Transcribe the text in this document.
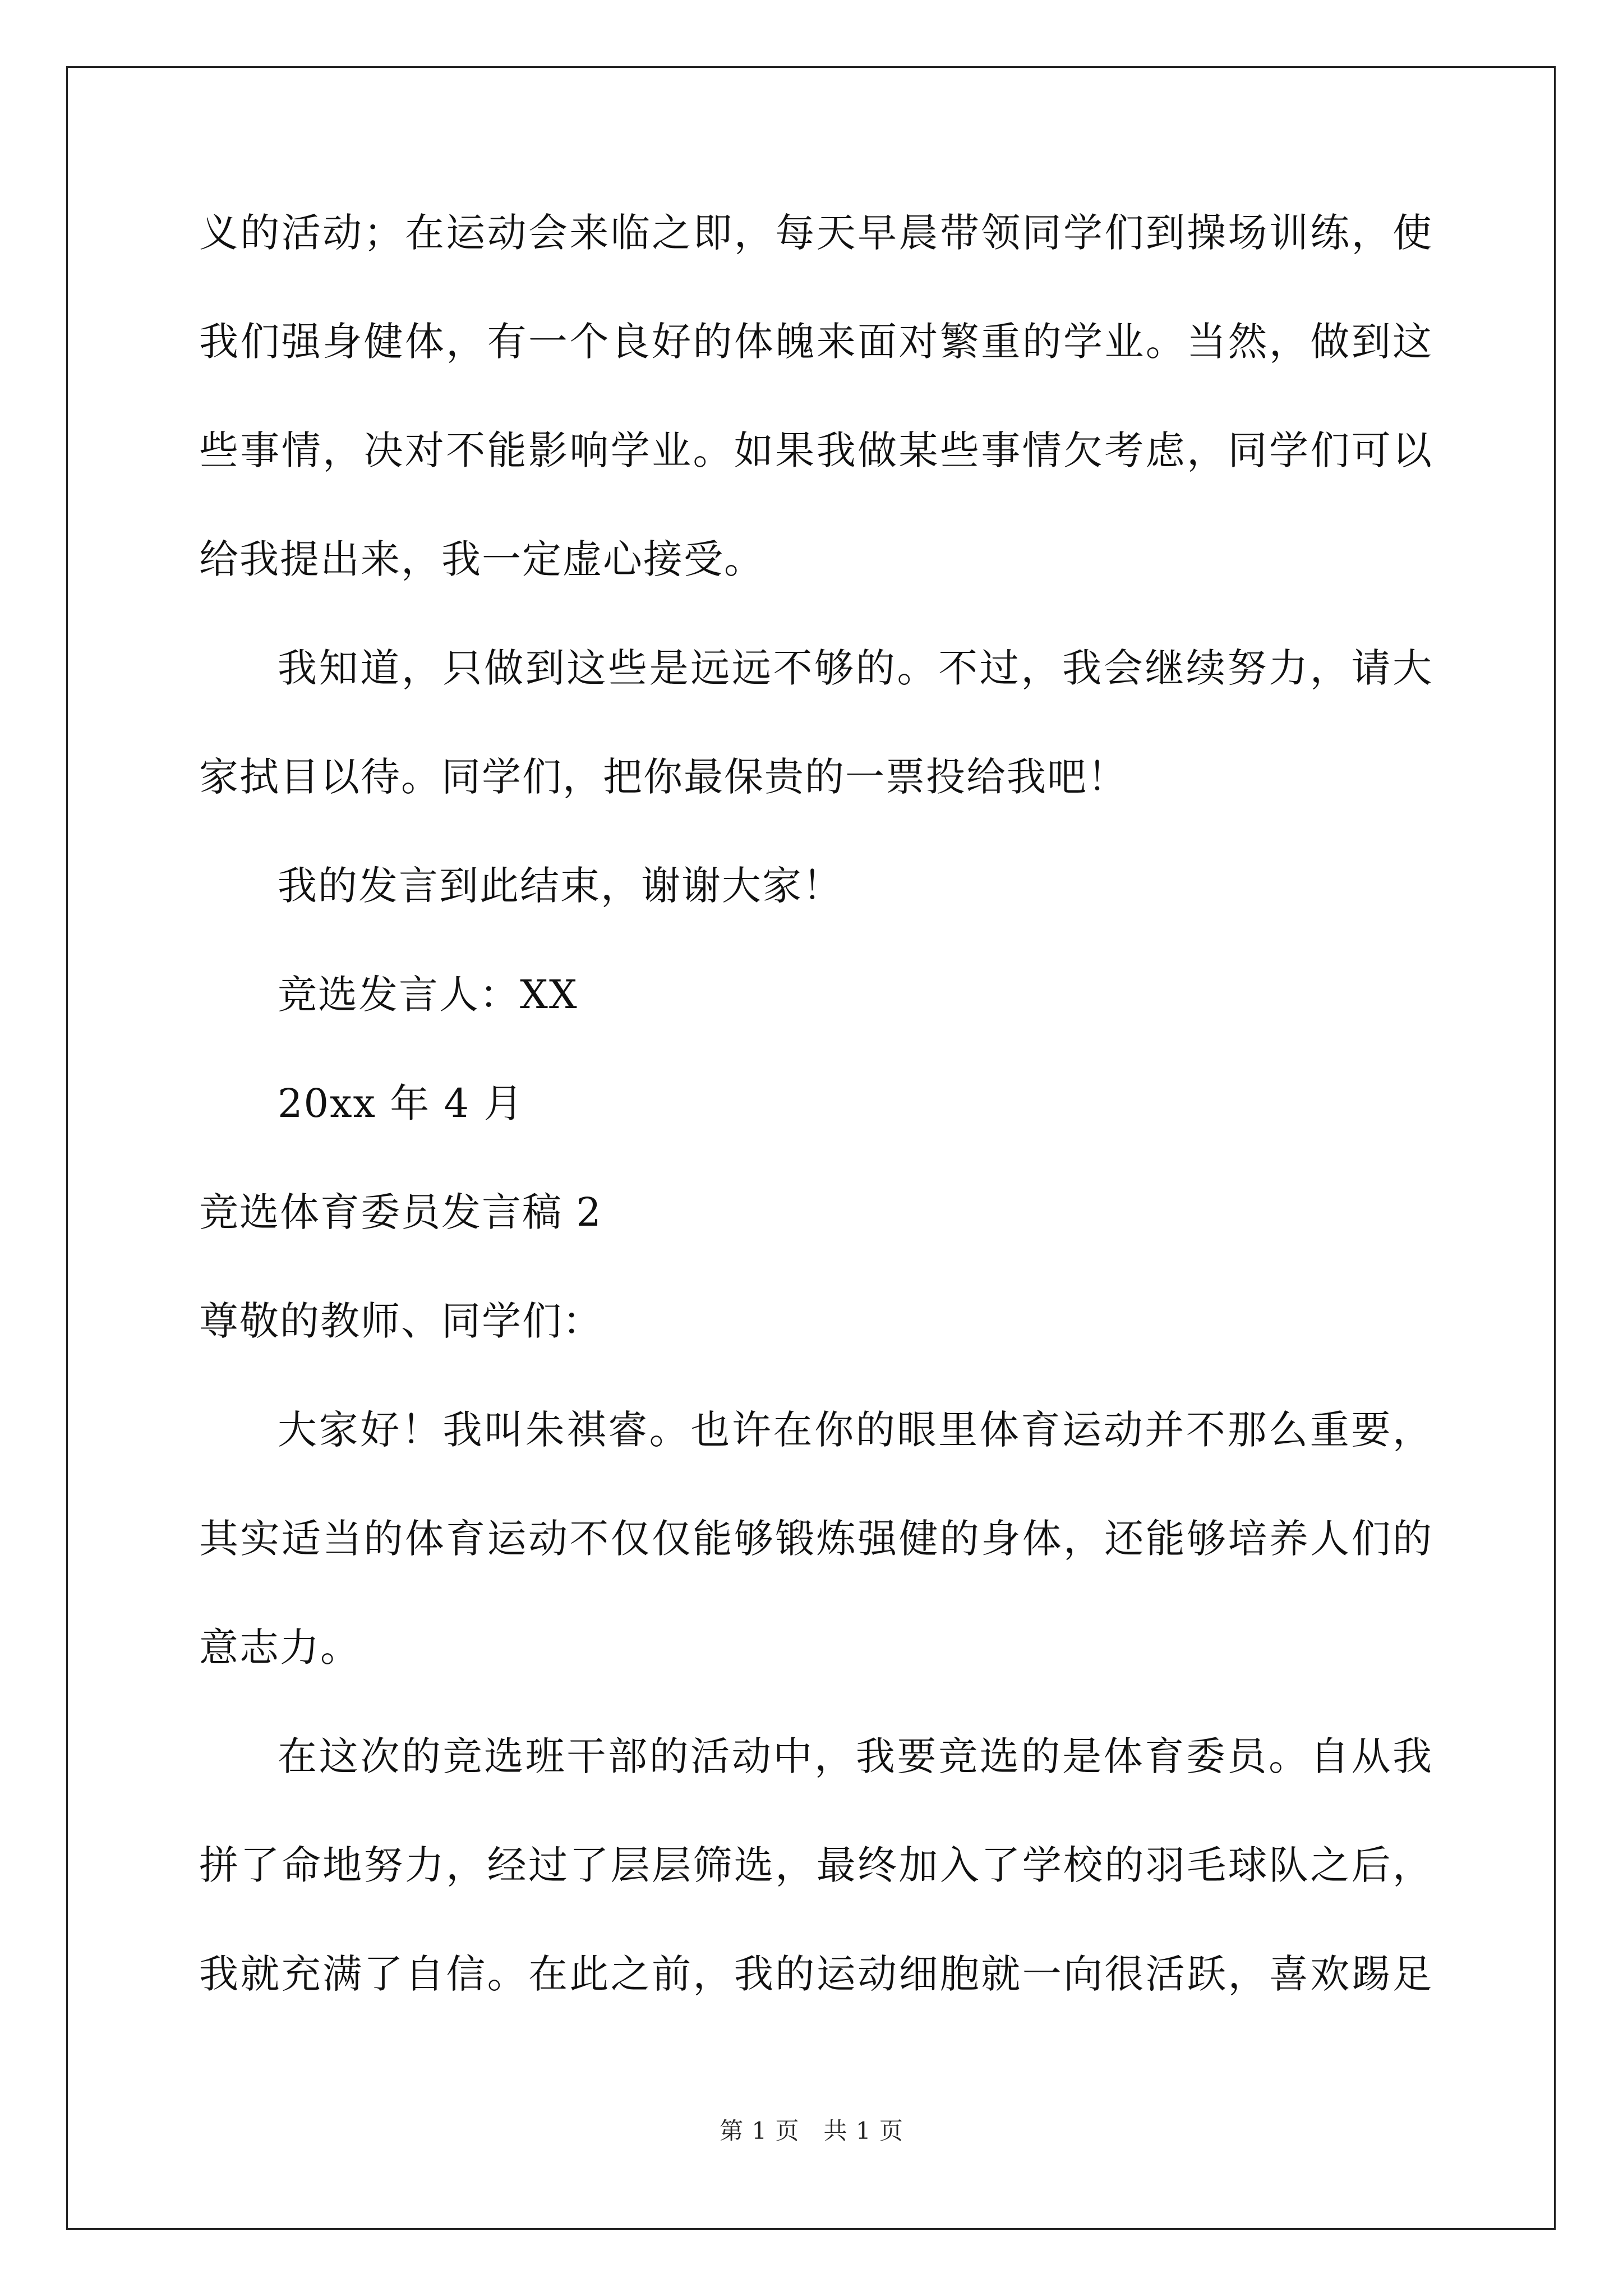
义的活动；在运动会来临之即，每天早晨带领同学们到操场训练，使
我们强身健体，有一个良好的体魄来面对繁重的学业。当然，做到这
些事情，决对不能影响学业。如果我做某些事情欠考虑，同学们可以
给我提出来，我一定虚心接受。
我知道，只做到这些是远远不够的。不过，我会继续努力，请大
家拭目以待。同学们，把你最保贵的一票投给我吧！
我的发言到此结束，谢谢大家！
竞选发言人：XX
20xx 年 4 月
竞选体育委员发言稿 2
尊敬的教师、同学们：
大家好！我叫朱祺睿。也许在你的眼里体育运动并不那么重要，
其实适当的体育运动不仅仅能够锻炼强健的身体，还能够培养人们的
意志力。
在这次的竞选班干部的活动中，我要竞选的是体育委员。自从我
拼了命地努力，经过了层层筛选，最终加入了学校的羽毛球队之后，
我就充满了自信。在此之前，我的运动细胞就一向很活跃，喜欢踢足
第 1 页　共 1 页
